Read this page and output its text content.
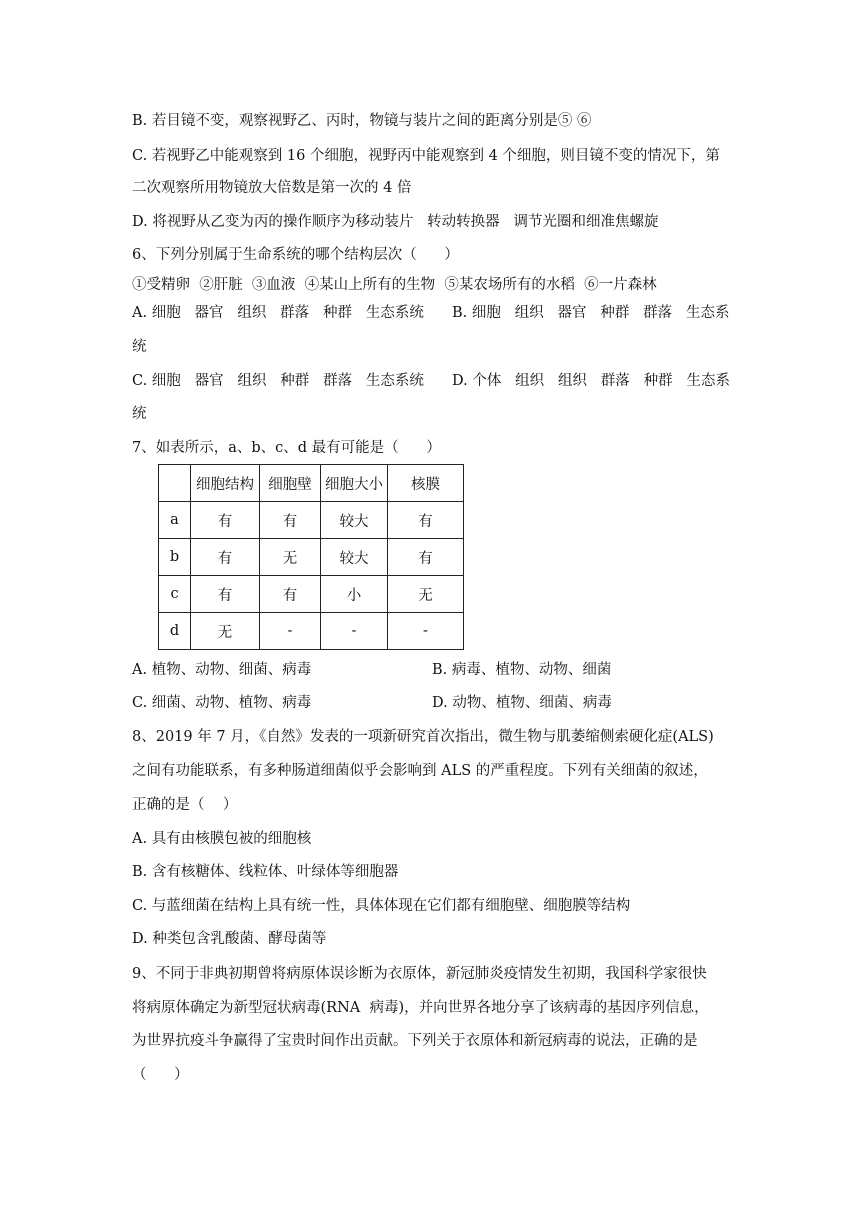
B. 若目镜不变，观察视野乙、丙时，物镜与装片之间的距离分别是⑤ ⑥
C. 若视野乙中能观察到 16 个细胞，视野丙中能观察到 4 个细胞，则目镜不变的情况下，第
二次观察所用物镜放大倍数是第一次的 4 倍
D. 将视野从乙变为丙的操作顺序为移动装片   转动转换器   调节光圈和细准焦螺旋
6、下列分别属于生命系统的哪个结构层次（      ）
①受精卵  ②肝脏  ③血液  ④某山上所有的生物  ⑤某农场所有的水稻  ⑥一片森林
A. 细胞   器官   组织   群落   种群   生态系统 B. 细胞   组织   器官   种群   群落   生态系
统
C. 细胞   器官   组织   种群   群落   生态系统 D. 个体   组织   组织   群落   种群   生态系
统
7、如表所示，a、b、c、d 最有可能是（      ）
	细胞结构	细胞壁	细胞大小	核膜
a	有	有	较大	有
b	有	无	较大	有
c	有	有	小	无
d	无	-	-	-
A. 植物、动物、细菌、病毒	B. 病毒、植物、动物、细菌
C. 细菌、动物、植物、病毒	D. 动物、植物、细菌、病毒
8、2019 年 7 月，《自然》发表的一项新研究首次指出，微生物与肌萎缩侧索硬化症(ALS)
之间有功能联系，有多种肠道细菌似乎会影响到 ALS 的严重程度。下列有关细菌的叙述，
正确的是（    ）
A. 具有由核膜包被的细胞核
B. 含有核糖体、线粒体、叶绿体等细胞器
C. 与蓝细菌在结构上具有统一性，具体体现在它们都有细胞壁、细胞膜等结构
D. 种类包含乳酸菌、酵母菌等
9、不同于非典初期曾将病原体误诊断为衣原体，新冠肺炎疫情发生初期，我国科学家很快
将病原体确定为新型冠状病毒(RNA  病毒)，并向世界各地分享了该病毒的基因序列信息，
为世界抗疫斗争赢得了宝贵时间作出贡献。下列关于衣原体和新冠病毒的说法，正确的是
（      ）
